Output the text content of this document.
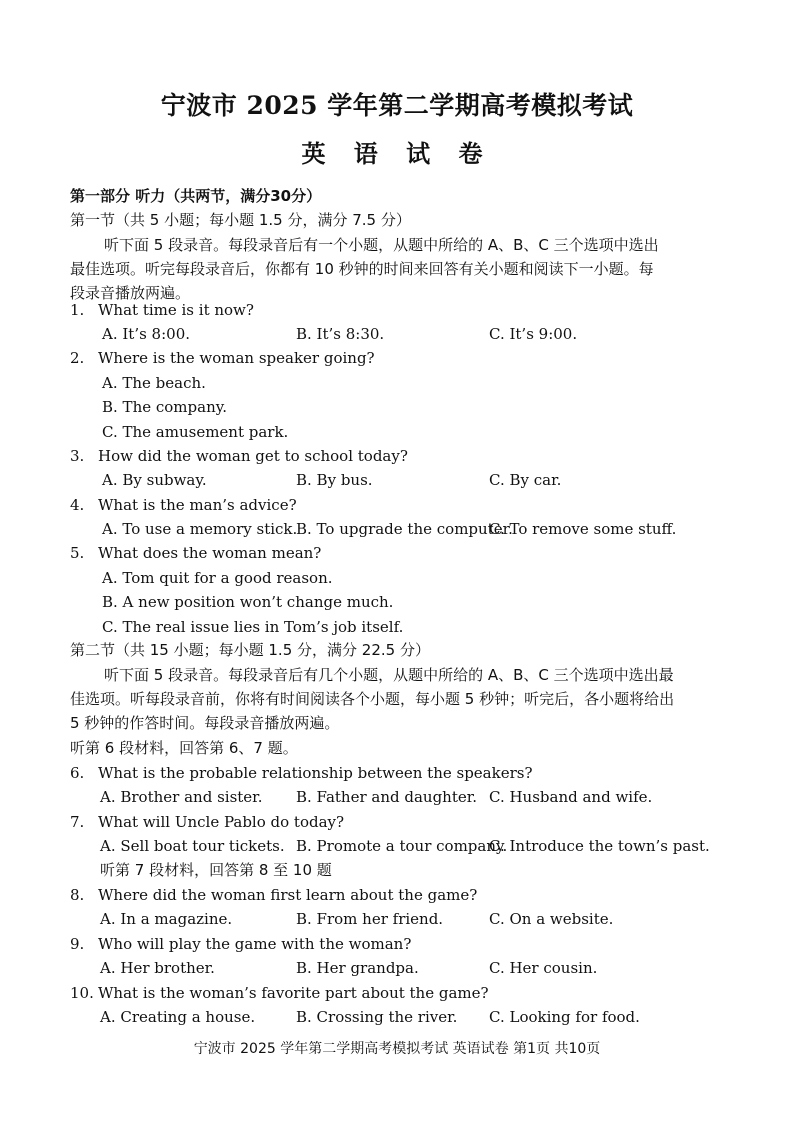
宁波市 2025 学年第二学期高考模拟考试
英 语 试 卷
第一部分 听力（共两节，满分30分）
第一节（共 5 小题；每小题 1.5 分，满分 7.5 分）
听下面 5 段录音。每段录音后有一个小题，从题中所给的 A、B、C 三个选项中选出
最佳选项。听完每段录音后，你都有 10 秒钟的时间来回答有关小题和阅读下一小题。每
段录音播放两遍。
1. What time is it now?
A. It’s 8:00.	B. It’s 8:30.	C. It’s 9:00.
2. Where is the woman speaker going?
A. The beach.
B. The company.
C. The amusement park.
3. How did the woman get to school today?
A. By subway.	B. By bus.	C. By car.
4. What is the man’s advice?
A. To use a memory stick.
B. To upgrade the computer.
C. To remove some stuff.
5. What does the woman mean?
A. Tom quit for a good reason.
B. A new position won’t change much.
C. The real issue lies in Tom’s job itself.
第二节（共 15 小题；每小题 1.5 分，满分 22.5 分）
听下面 5 段录音。每段录音后有几个小题，从题中所给的 A、B、C 三个选项中选出最
佳选项。听每段录音前，你将有时间阅读各个小题，每小题 5 秒钟；听完后，各小题将给出
5 秒钟的作答时间。每段录音播放两遍。
听第 6 段材料，回答第 6、7 题。
6. What is the probable relationship between the speakers?
A. Brother and sister. B. Father and daughter. C. Husband and wife.
7. What will Uncle Pablo do today?
A. Sell boat tour tickets. B. Promote a tour company.
C. Introduce the town’s past.
听第 7 段材料，回答第 8 至 10 题
8. Where did the woman first learn about the game?
A. In a magazine.	B. From her friend.	C. On a website.
9. Who will play the game with the woman?
A. Her brother.	B. Her grandpa.	C. Her cousin.
10. What is the woman’s favorite part about the game?
A. Creating a house.	B. Crossing the river. C. Looking for food.
宁波市 2025 学年第二学期高考模拟考试 英语试卷 第1页 共10页
